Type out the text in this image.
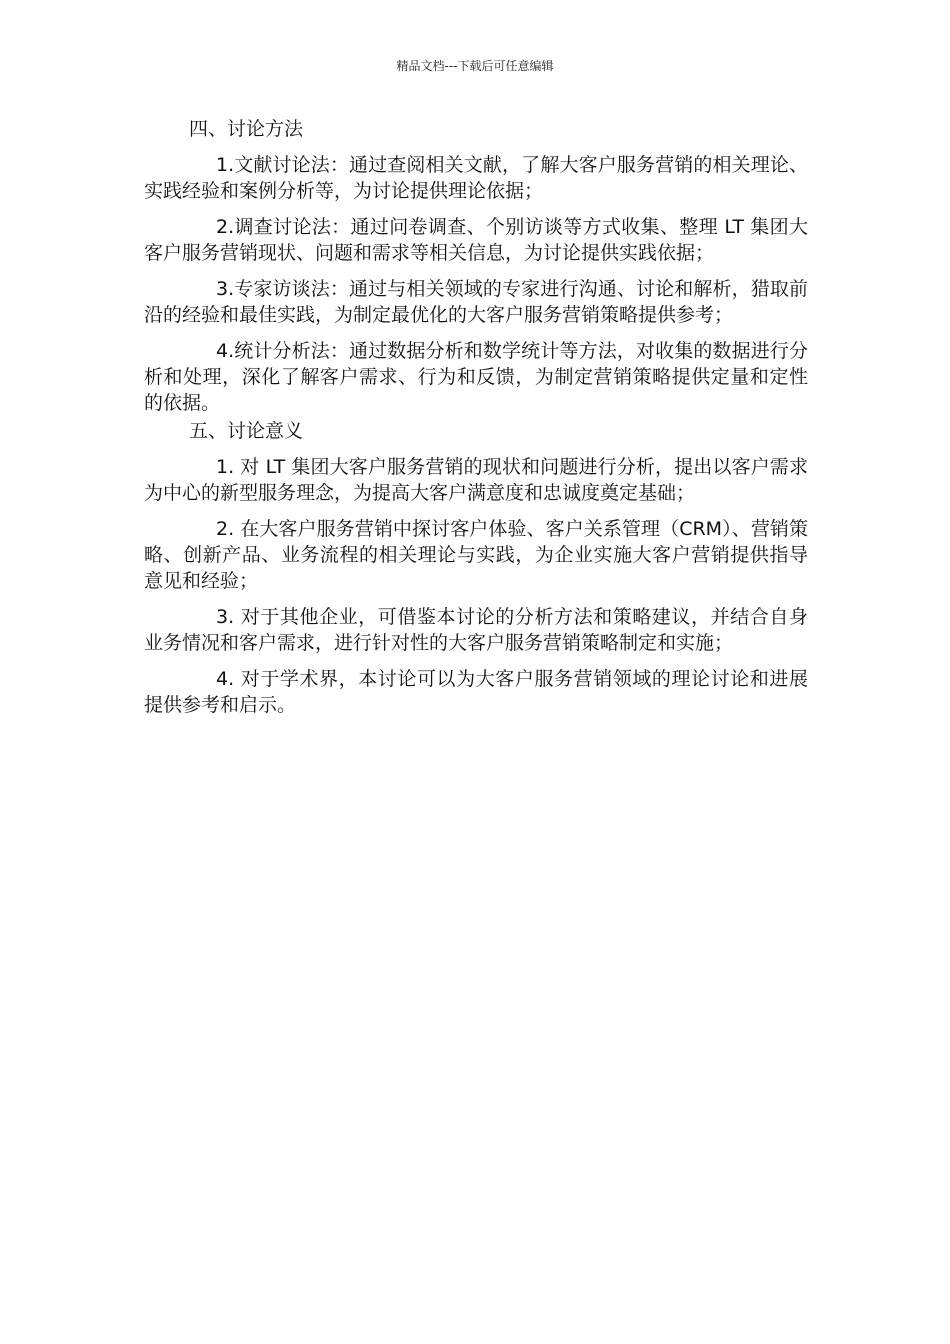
精品文档---下载后可任意编辑
四、讨论方法

1.文献讨论法：通过查阅相关文献，了解大客户服务营销的相关理论、实践经验和案例分析等，为讨论提供理论依据；

2.调查讨论法：通过问卷调查、个别访谈等方式收集、整理 LT 集团大客户服务营销现状、问题和需求等相关信息，为讨论提供实践依据；

3.专家访谈法：通过与相关领域的专家进行沟通、讨论和解析，猎取前沿的经验和最佳实践，为制定最优化的大客户服务营销策略提供参考；

4.统计分析法：通过数据分析和数学统计等方法，对收集的数据进行分析和处理，深化了解客户需求、行为和反馈，为制定营销策略提供定量和定性的依据。

五、讨论意义

1. 对 LT 集团大客户服务营销的现状和问题进行分析，提出以客户需求为中心的新型服务理念，为提高大客户满意度和忠诚度奠定基础；

2. 在大客户服务营销中探讨客户体验、客户关系管理（CRM）、营销策略、创新产品、业务流程的相关理论与实践，为企业实施大客户营销提供指导意见和经验；

3. 对于其他企业，可借鉴本讨论的分析方法和策略建议，并结合自身业务情况和客户需求，进行针对性的大客户服务营销策略制定和实施；

4. 对于学术界，本讨论可以为大客户服务营销领域的理论讨论和进展提供参考和启示。
